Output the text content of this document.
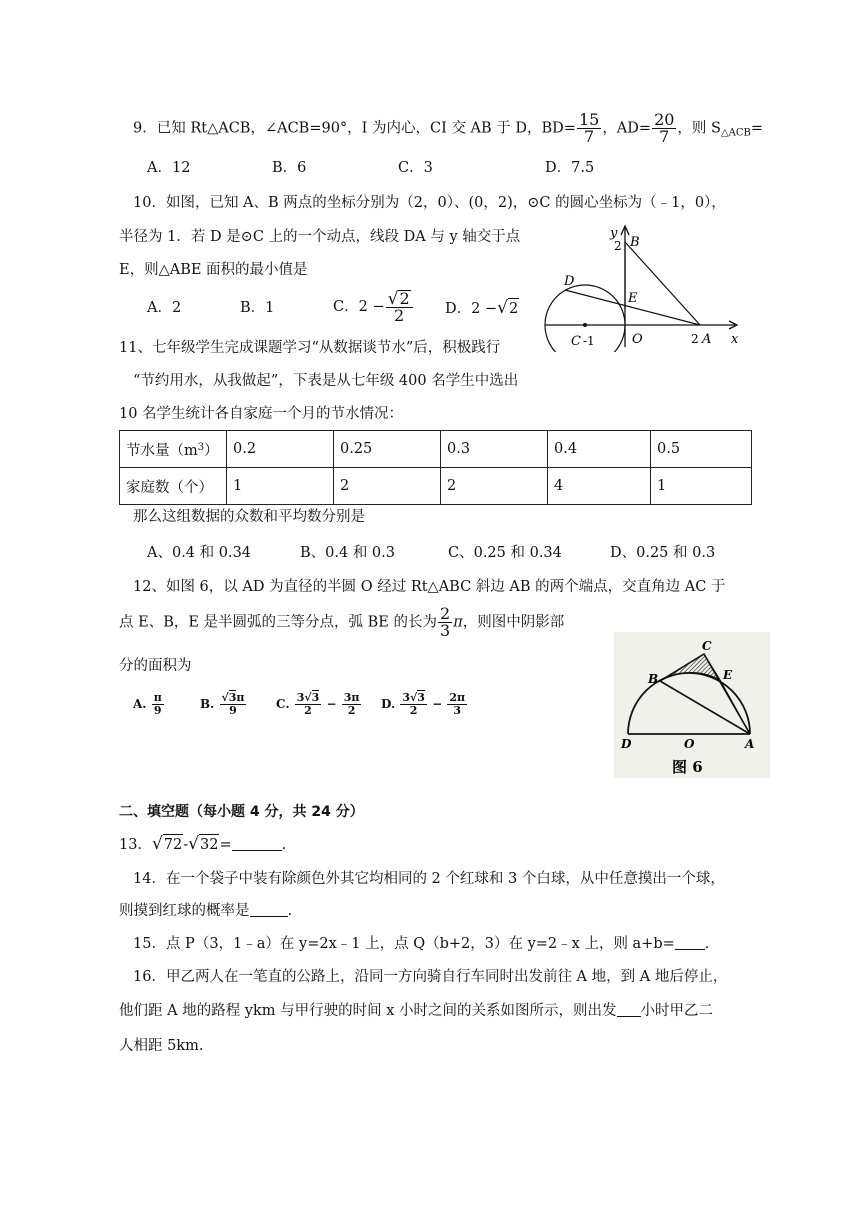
9．已知 Rt△ACB，∠ACB=90°，I 为内心，CI 交 AB 于 D，$BD= \frac{15}{7}$ ，$AD= \frac{20}{7}$ ，则 $S_{\triangle ACB}=$
A．12	B．6	C．3	D．7.5
10．如图，已知 A、B 两点的坐标分别为（2，0）、(0，2)，⊙C 的圆心坐标为（﹣1，0），
半径为 1．若 D 是⊙C 上的一个动点，线段 DA 与 y 轴交于点
E，则△ABE 面积的最小值是
A．2	B．1	C．$2 - \frac{√2}{2}$ D．2 −√2
y
2 B
D
E
C -1	O	2 A x
11、七年级学生完成课题学习“从数据谈节水”后，积极践行
“节约用水，从我做起”，下表是从七年级 400 名学生中选出
10 名学生统计各自家庭一个月的节水情况：
节水量$(m^3)$	0.2	0.25	0.3	0.4	0.5
家庭数（个）	1	2	2	4	1
那么这组数据的众数和平均数分别是
A、0.4 和 0.34	B、0.4 和 0.3	C、0.25 和 0.34	D、0.25 和 0.3
12、如图 6，以 AD 为直径的半圆 O 经过 Rt△ABC 斜边 AB 的两个端点，交直角边 AC 于
点 E、B，E 是半圆弧的三等分点，弧 BE 的长为 $\frac{2}{3}$ π，则图中阴影部
分的面积为
A. $\frac{\pi}{9}$	B. $\frac{√3\pi}{9} C$. $\frac{3√3}{2} - \frac{3\pi}{2} D$. $\frac{3√3}{2} - \frac{2\pi}{3}$
C
B	E
D	O	A
图 6
二、填空题（每小题 4 分，共 24 分）
13．√72-√32=	.
14．在一个袋子中装有除颜色外其它均相同的 2 个红球和 3 个白球，从中任意摸出一个球，
则摸到红球的概率是	.
15．点 P（3，1﹣a）在 y=2x﹣1 上，点 Q（b+2，3）在 y=2﹣x 上，则 a+b= .
16．甲乙两人在一笔直的公路上，沿同一方向骑自行车同时出发前往 A 地，到 A 地后停止，
他们距 A 地的路程 ykm 与甲行驶的时间 x 小时之间的关系如图所示，则出发 小时甲乙二
人相距 5km.
